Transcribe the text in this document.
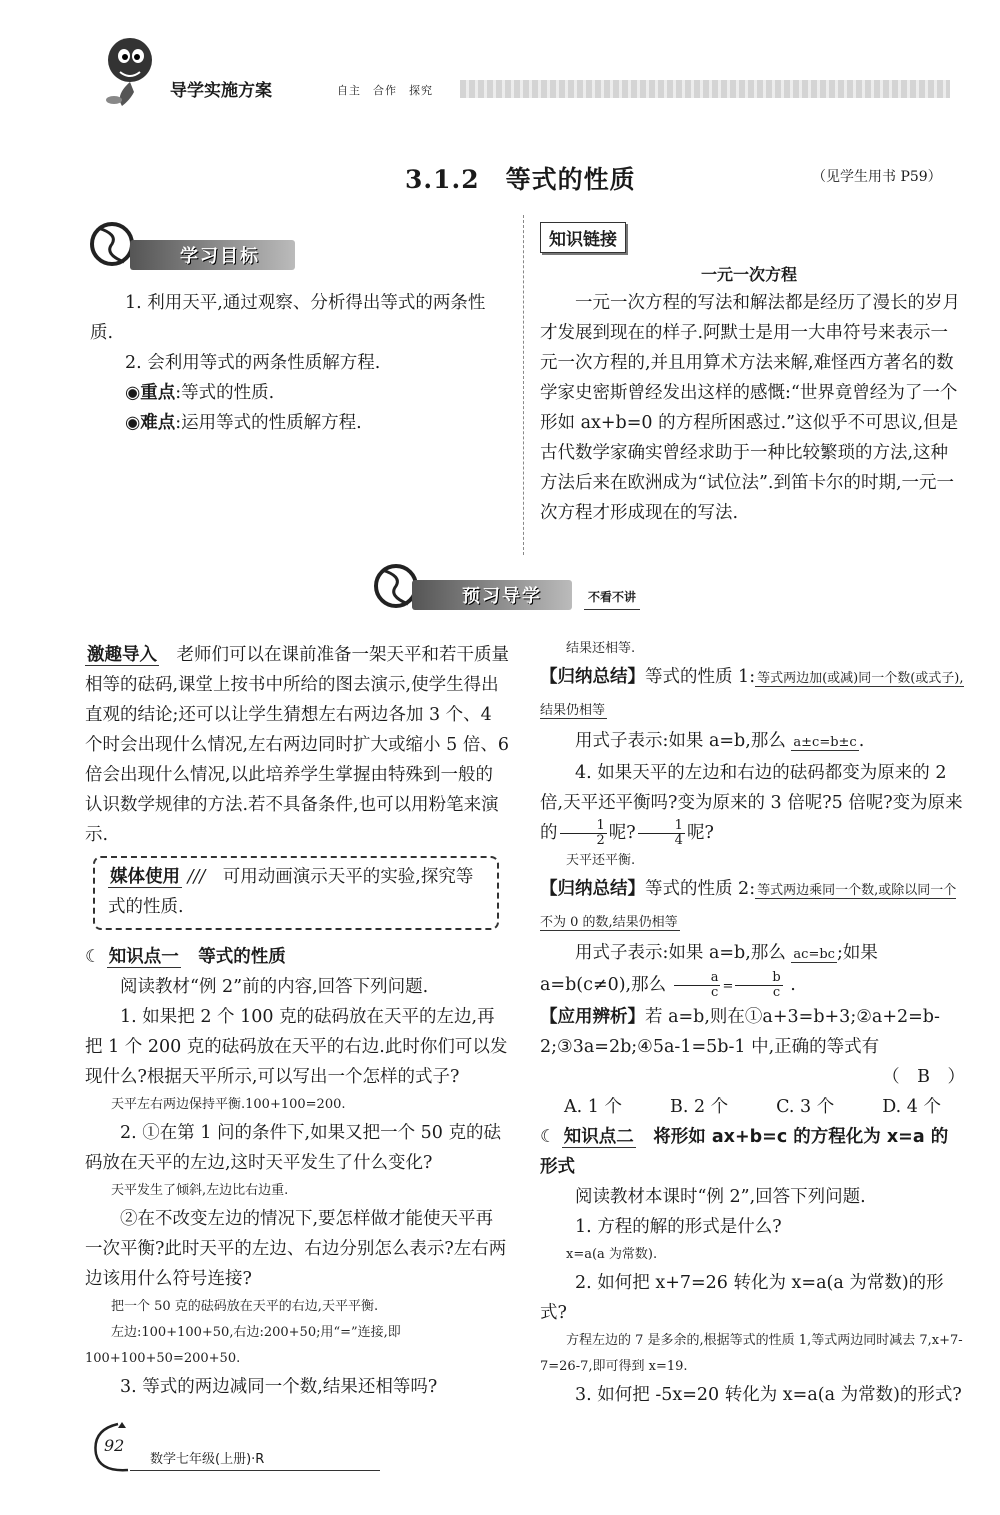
导学实施方案	自主　合作　探究
3.1.2　等式的性质	（见学生用书 P59）
学习目标

1. 利用天平,通过观察、分析得出等式的两条性质.

2. 会利用等式的两条性质解方程.

◉重点:等式的性质.

◉难点:运用等式的性质解方程.

知识链接
一元一次方程

一元一次方程的写法和解法都是经历了漫长的岁月才发展到现在的样子.阿默士是用一大串符号来表示一元一次方程的,并且用算术方法来解,难怪西方著名的数学家史密斯曾经发出这样的感慨:“世界竟曾经为了一个形如 ax+b=0 的方程所困惑过.”这似乎不可思议,但是古代数学家确实曾经求助于一种比较繁琐的方法,这种方法后来在欧洲成为“试位法”.到笛卡尔的时期,一元一次方程才形成现在的写法.

预习导学	不看不讲

激趣导入　老师们可以在课前准备一架天平和若干质量相等的砝码,课堂上按书中所给的图去演示,使学生得出直观的结论;还可以让学生猜想左右两边各加 3 个、4 个时会出现什么情况,左右两边同时扩大或缩小 5 倍、6 倍会出现什么情况,以此培养学生掌握由特殊到一般的认识数学规律的方法.若不具备条件,也可以用粉笔来演示.

媒体使用 ///　 可用动画演示天平的实验,探究等式的性质.

☾ 知识点一　 等式的性质

阅读教材“例 2”前的内容,回答下列问题.

1. 如果把 2 个 100 克的砝码放在天平的左边,再把 1 个 200 克的砝码放在天平的右边.此时你们可以发现什么?根据天平所示,可以写出一个怎样的式子?

天平左右两边保持平衡.100+100=200.

2. ①在第 1 问的条件下,如果又把一个 50 克的砝码放在天平的左边,这时天平发生了什么变化?

天平发生了倾斜,左边比右边重.

②在不改变左边的情况下,要怎样做才能使天平再一次平衡?此时天平的左边、右边分别怎么表示?左右两边该用什么符号连接?

把一个 50 克的砝码放在天平的右边,天平平衡.

左边:100+100+50,右边:200+50;用“=”连接,即 100+100+50=200+50.

3. 等式的两边减同一个数,结果还相等吗?

结果还相等.

【归纳总结】等式的性质 1: 等式两边加(或减)同一个数(或式子),结果仍相等

用式子表示:如果 a=b,那么 a±c=b±c .

4. 如果天平的左边和右边的砝码都变为原来的 2 倍,天平还平衡吗?变为原来的 3 倍呢?5 倍呢?变为原来的 $\frac{1}{2}$ 呢? $\frac{1}{4}$ 呢?

天平还平衡.

【归纳总结】等式的性质 2: 等式两边乘同一个数,或除以同一个不为 0 的数,结果仍相等

用式子表示:如果 a=b,那么 ac=bc ;如果 a=b(c≠0),那么 $\frac{a}{c} = \frac{b}{c}$ .

【应用辨析】若 a=b,则在①a+3=b+3;②a+2=b-2;③3a=2b;④5a-1=5b-1 中,正确的等式有

（　B　）

A. 1 个	B. 2 个	C. 3 个	D. 4 个

☾ 知识点二　 将形如 ax+b=c 的方程化为 x=a 的形式

阅读教材本课时“例 2”,回答下列问题.

1. 方程的解的形式是什么?

x=a(a 为常数).

2. 如何把 x+7=26 转化为 x=a(a 为常数)的形式?

方程左边的 7 是多余的,根据等式的性质 1,等式两边同时减去 7,x+7-7=26-7,即可得到 x=19.

3. 如何把 -5x=20 转化为 x=a(a 为常数)的形式?

92
数学七年级(上册)·R
